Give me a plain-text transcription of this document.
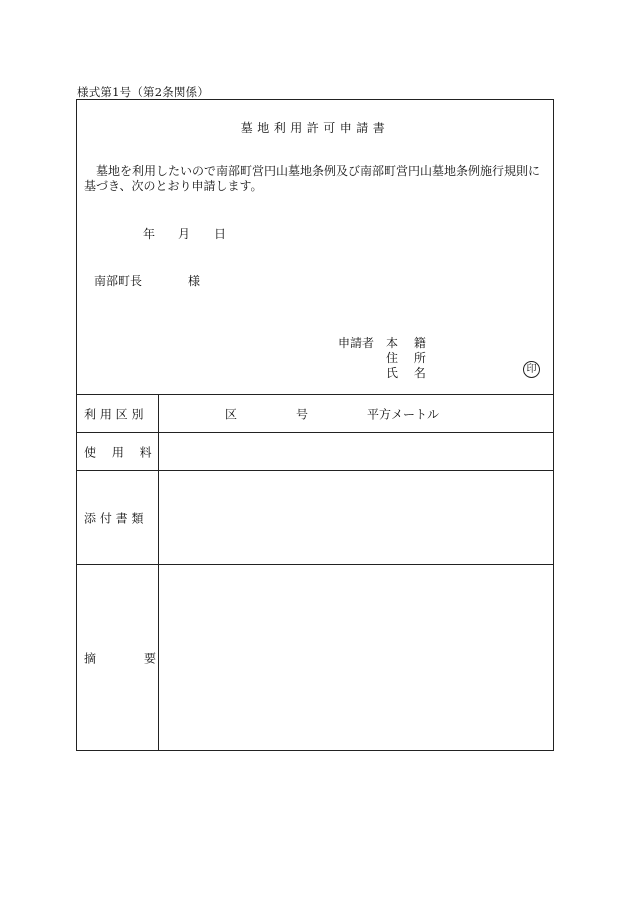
様式第1号（第2条関係）
墓地利用許可申請書
墓地を利用したいので南部町営円山墓地条例及び南部町営円山墓地条例施行規則に基づき、次のとおり申請します。
年 月 日
南部町長	様
申請者 本 籍
住 所
氏 名	印
利 用 区 別	区	号	平方メートル
使　 用　 料
添 付 書 類
摘　　　　要
